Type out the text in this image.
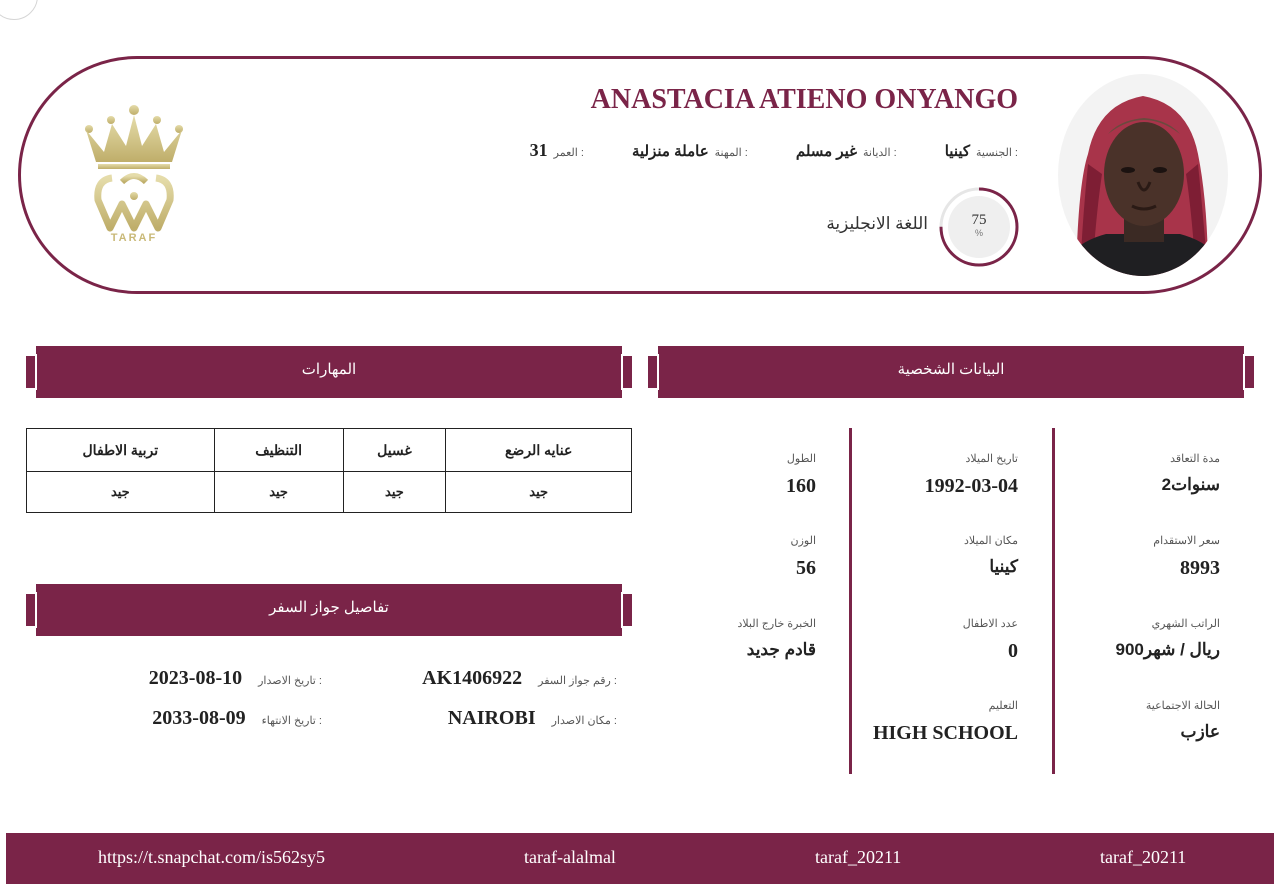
TARAF
ANASTACIA ATIENO ONYANGO
الجنسية :
كينيا
الديانة :
غير مسلم
المهنة :
عاملة منزلية
العمر :
31
75
%
اللغة الانجليزية
المهارات	البيانات الشخصية
عنايه الرضع	غسيل	التنظيف	تربية الاطفال
جيد	جيد	جيد	جيد
تفاصيل جواز السفر
رقم جواز السفر :
AK1406922
تاريخ الاصدار :
2023-08-10
مكان الاصدار :
NAIROBI
تاريخ الانتهاء :
2033-08-09
مدة التعاقد
2سنوات
سعر الاستقدام
8993
الراتب الشهري
900ريال / شهر
الحالة الاجتماعية
عازب
تاريخ الميلاد
1992-03-04
مكان الميلاد
كينيا
عدد الاطفال
0
التعليم
HIGH SCHOOL
الطول
160
الوزن
56
الخبرة خارج البلاد
قادم جديد
https://t.snapchat.com/is562sy5	taraf-alalmal	taraf_20211	taraf_20211
